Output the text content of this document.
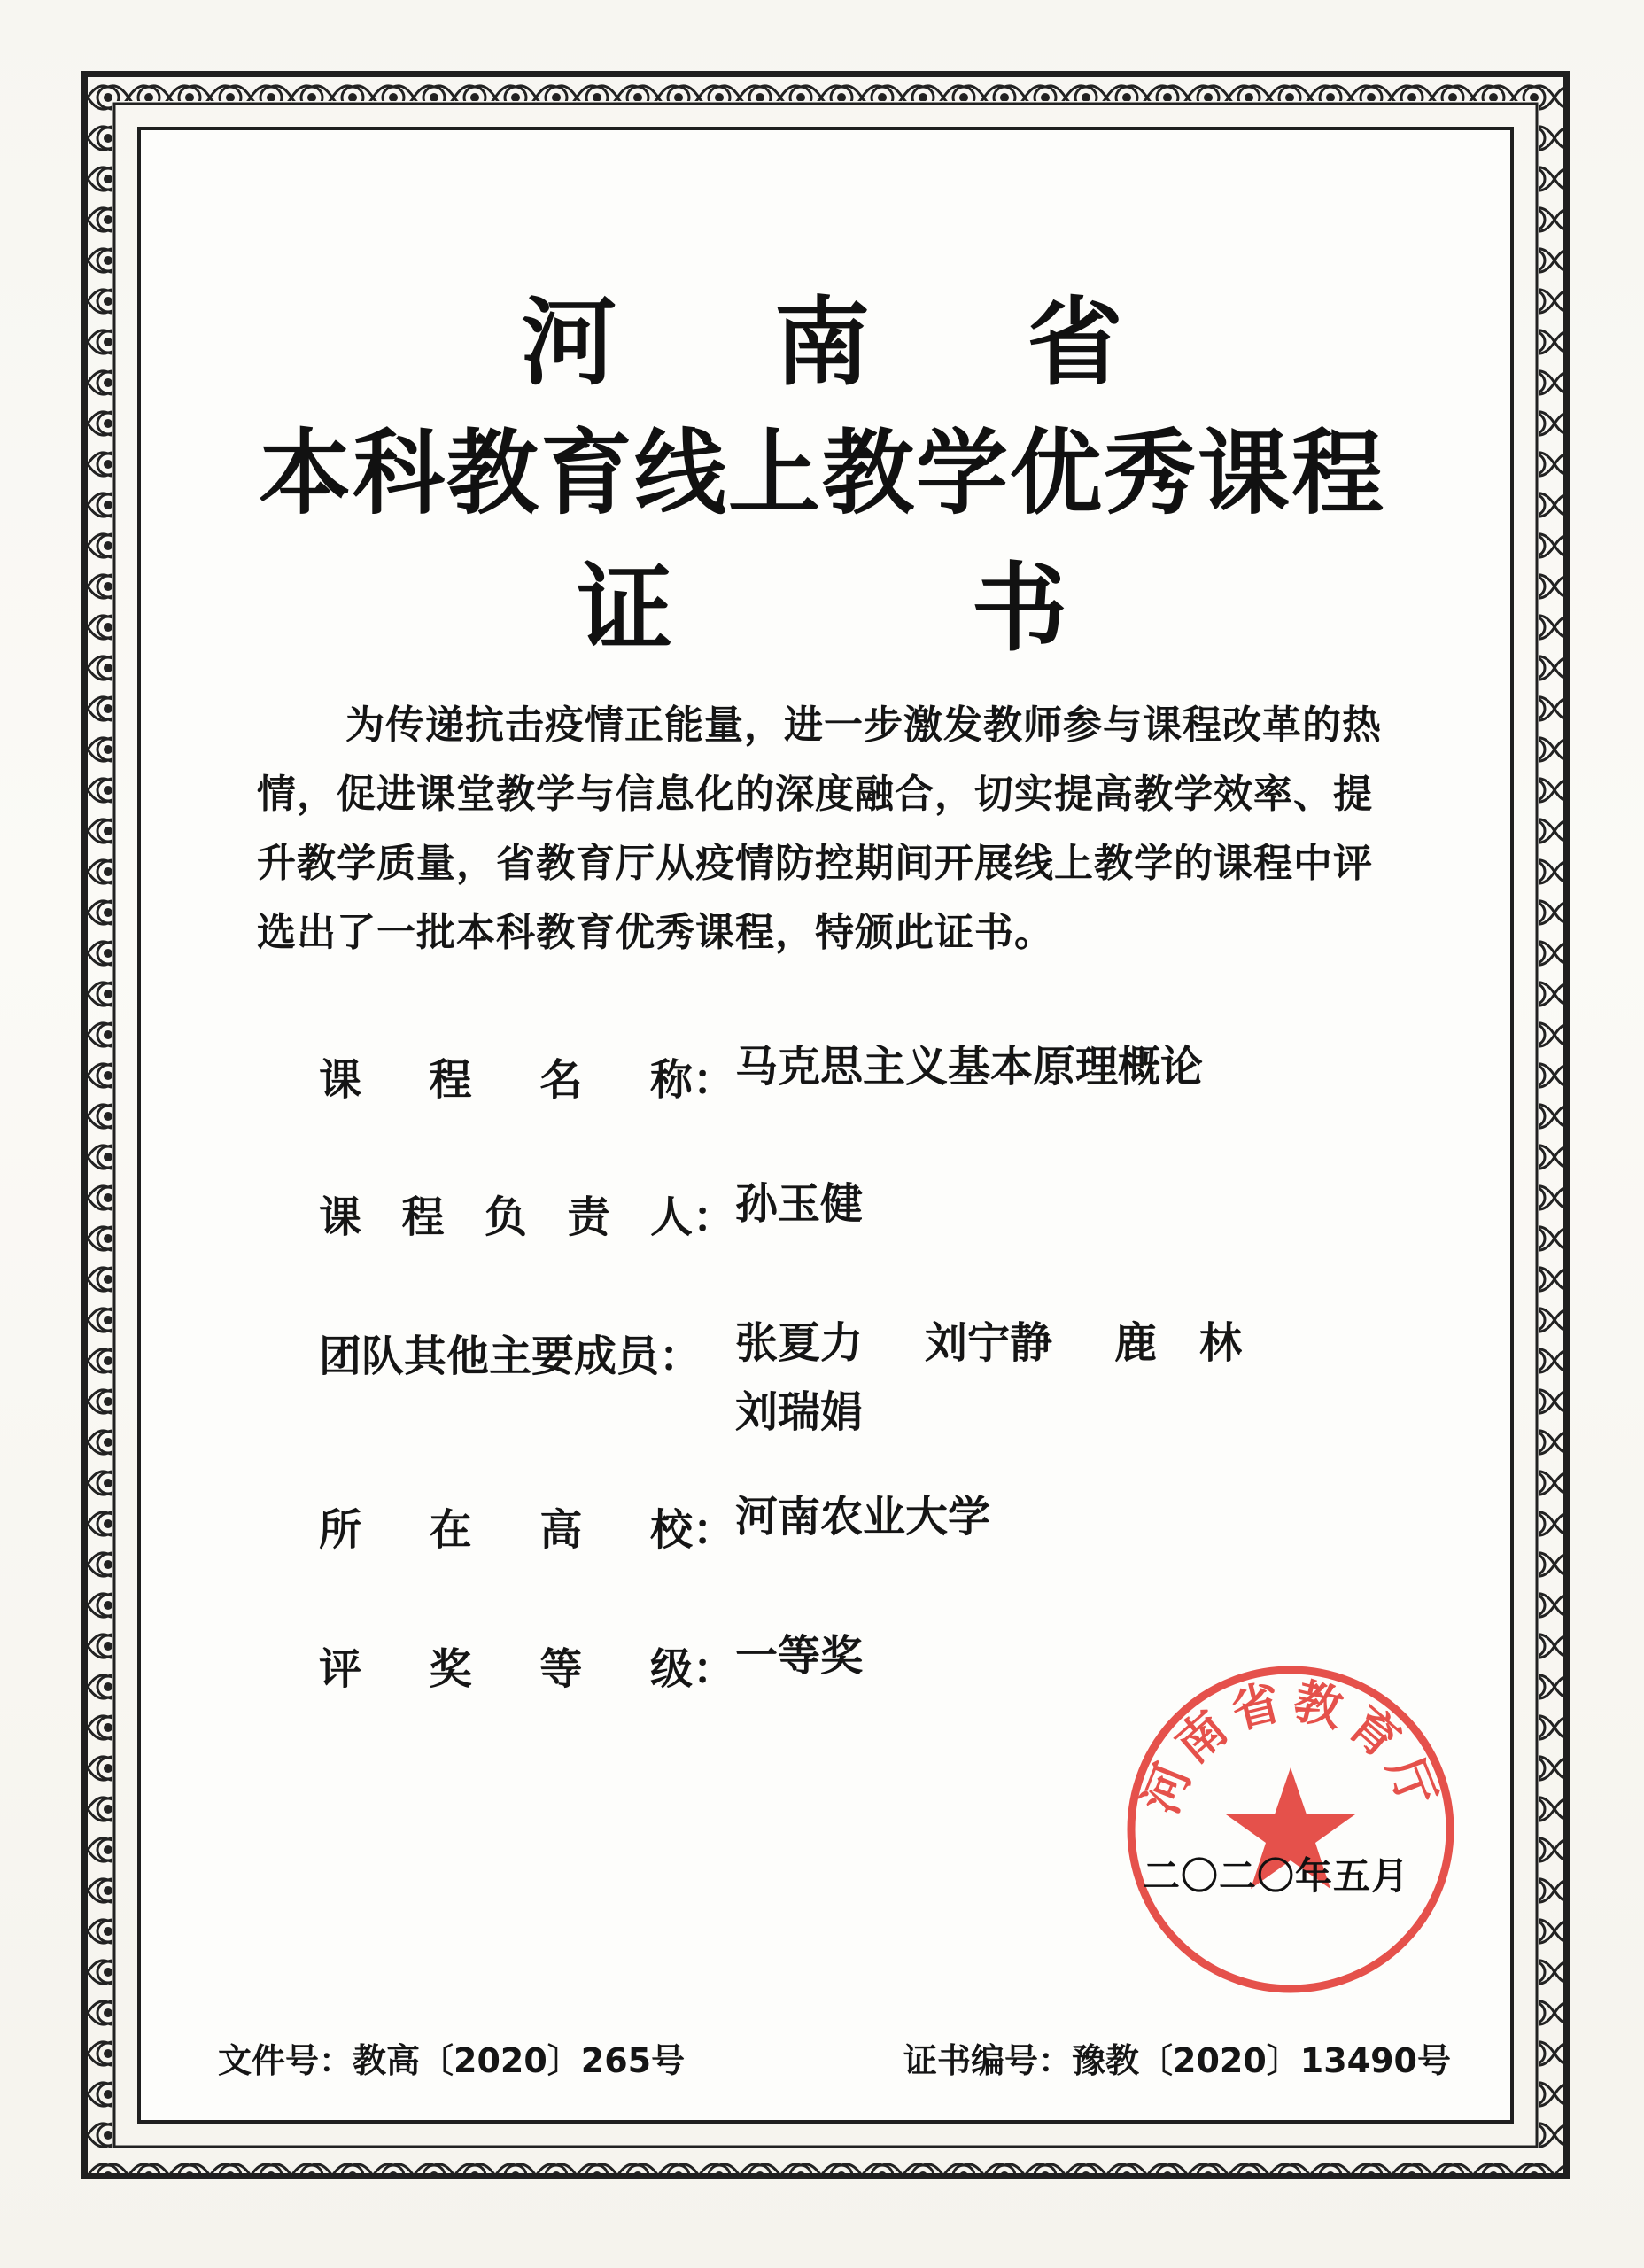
河 南 省
本科教育线上教学优秀课程
证 书
为传递抗击疫情正能量，进一步激发教师参与课程改革的热情，促进课堂教学与信息化的深度融合，切实提高教学效率、提升教学质量，省教育厅从疫情防控期间开展线上教学的课程中评选出了一批本科教育优秀课程，特颁此证书。
课 程 名 称： 马克思主义基本原理概论
课 程 负 责 人： 孙玉健
团队其他主要成员： 张夏力 刘宁静 鹿　林
刘瑞娟
所 在 高 校： 河南农业大学
评 奖 等 级： 一等奖
河南省教育厅
二〇二〇年五月
文件号：教高〔2020〕265号	证书编号：豫教〔2020〕13490号
